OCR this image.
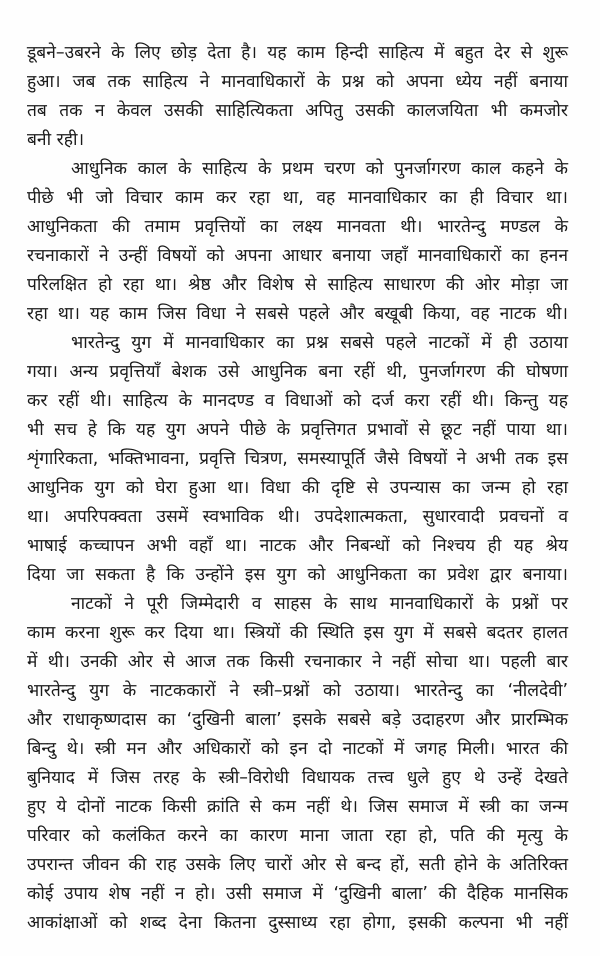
डूबने–उबरने के लिए छोड़ देता है। यह काम हिन्दी साहित्य में बहुत देर से शुरू
हुआ। जब तक साहित्य ने मानवाधिकारों के प्रश्न को अपना ध्येय नहीं बनाया
तब तक न केवल उसकी साहित्यिकता अपितु उसकी कालजयिता भी कमजोर
बनी रही।
आधुनिक काल के साहित्य के प्रथम चरण को पुनर्जागरण काल कहने के
पीछे भी जो विचार काम कर रहा था, वह मानवाधिकार का ही विचार था।
आधुनिकता की तमाम प्रवृत्तियों का लक्ष्य मानवता थी। भारतेन्दु मण्डल के
रचनाकारों ने उन्हीं विषयों को अपना आधार बनाया जहाँ मानवाधिकारों का हनन
परिलक्षित हो रहा था। श्रेष्ठ और विशेष से साहित्य साधारण की ओर मोड़ा जा
रहा था। यह काम जिस विधा ने सबसे पहले और बखूबी किया, वह नाटक थी।
भारतेन्दु युग में मानवाधिकार का प्रश्न सबसे पहले नाटकों में ही उठाया
गया। अन्य प्रवृत्तियाँ बेशक उसे आधुनिक बना रहीं थी, पुनर्जागरण की घोषणा
कर रहीं थी। साहित्य के मानदण्ड व विधाओं को दर्ज करा रहीं थी। किन्तु यह
भी सच हे कि यह युग अपने पीछे के प्रवृत्तिगत प्रभावों से छूट नहीं पाया था।
शृंगारिकता, भक्तिभावना, प्रवृत्ति चित्रण, समस्यापूर्ति जैसे विषयों ने अभी तक इस
आधुनिक युग को घेरा हुआ था। विधा की दृष्टि से उपन्यास का जन्म हो रहा
था। अपरिपक्वता उसमें स्वभाविक थी। उपदेशात्मकता, सुधारवादी प्रवचनों व
भाषाई कच्चापन अभी वहाँ था। नाटक और निबन्धों को निश्चय ही यह श्रेय
दिया जा सकता है कि उन्होंने इस युग को आधुनिकता का प्रवेश द्वार बनाया।
नाटकों ने पूरी जिम्मेदारी व साहस के साथ मानवाधिकारों के प्रश्नों पर
काम करना शुरू कर दिया था। स्त्रियों की स्थिति इस युग में सबसे बदतर हालत
में थी। उनकी ओर से आज तक किसी रचनाकार ने नहीं सोचा था। पहली बार
भारतेन्दु युग के नाटककारों ने स्त्री–प्रश्नों को उठाया। भारतेन्दु का ‘नीलदेवी’
और राधाकृष्णदास का ‘दुखिनी बाला’ इसके सबसे बड़े उदाहरण और प्रारम्भिक
बिन्दु थे। स्त्री मन और अधिकारों को इन दो नाटकों में जगह मिली। भारत की
बुनियाद में जिस तरह के स्त्री–विरोधी विधायक तत्त्व धुले हुए थे उन्हें देखते
हुए ये दोनों नाटक किसी क्रांति से कम नहीं थे। जिस समाज में स्त्री का जन्म
परिवार को कलंकित करने का कारण माना जाता रहा हो, पति की मृत्यु के
उपरान्त जीवन की राह उसके लिए चारों ओर से बन्द हों, सती होने के अतिरिक्त
कोई उपाय शेष नहीं न हो। उसी समाज में ‘दुखिनी बाला’ की दैहिक मानसिक
आकांक्षाओं को शब्द देना कितना दुस्साध्य रहा होगा, इसकी कल्पना भी नहीं
